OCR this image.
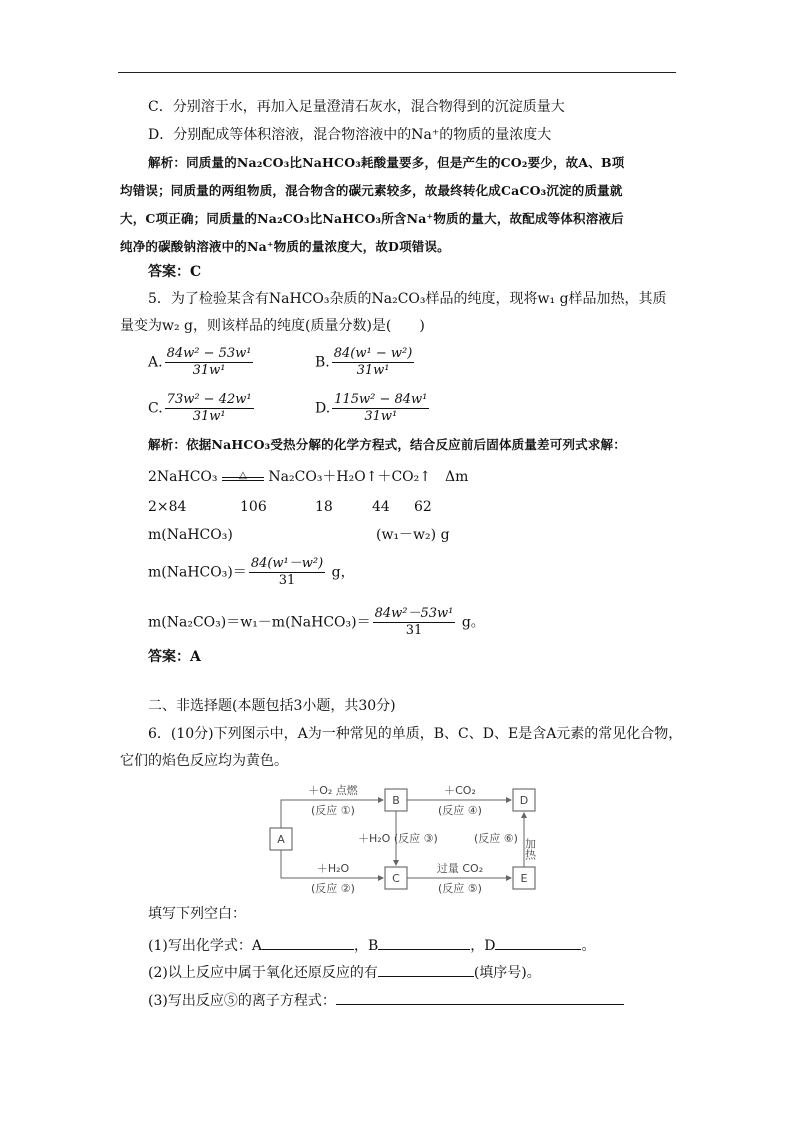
C．分别溶于水，再加入足量澄清石灰水，混合物得到的沉淀质量大
D．分别配成等体积溶液，混合物溶液中的Na⁺的物质的量浓度大
解析：同质量的Na₂CO₃比NaHCO₃耗酸量要多，但是产生的CO₂要少，故A、B项
均错误；同质量的两组物质，混合物含的碳元素较多，故最终转化成CaCO₃沉淀的质量就
大，C项正确；同质量的Na₂CO₃比NaHCO₃所含Na⁺物质的量大，故配成等体积溶液后
纯净的碳酸钠溶液中的Na⁺物质的量浓度大，故D项错误。
答案：C
5．为了检验某含有NaHCO₃杂质的Na₂CO₃样品的纯度，现将w₁ g样品加热，其质
量变为w₂ g，则该样品的纯度(质量分数)是(　　)
A. $\frac{\text{84w² − 53w¹}}{\text{31w¹}}$	B. $\frac{\text{84(w¹ − w²)}}{\text{31w¹}}$
C. $\frac{\text{73w² − 42w¹}}{\text{31w¹}}$	D. $\frac{\text{115w² − 84w¹}}{\text{31w¹}}$
解析：依据NaHCO₃受热分解的化学方程式，结合反应前后固体质量差可列式求解：
2NaHCO₃	△	Na₂CO₃＋H₂O↑＋CO₂↑　Δm
2×84	106	18	44 62
m(NaHCO₃)	(w₁－w₂) g
m(NaHCO₃)＝ $\frac{\text{84(w¹－w²)}}{31}$ g，
m(Na₂CO₃)＝w₁－m(NaHCO₃)＝ $\frac{\text{84w²－53w¹}}{31}$ g。
答案：A
二、非选择题(本题包括3小题，共30分)
6．(10分)下列图示中，A为一种常见的单质，B、C、D、E是含A元素的常见化合物，
它们的焰色反应均为黄色。
A
B
C
D
E
＋O₂ 点燃
(反应 ①)
＋CO₂
(反应 ④)
＋H₂O (反应 ③)	(反应 ⑥) 加热
＋H₂O
(反应 ②)
过量 CO₂
(反应 ⑤)
填写下列空白：
(1)写出化学式：A	，B	，D	。
(2)以上反应中属于氧化还原反应的有	(填序号)。
(3)写出反应⑤的离子方程式：
